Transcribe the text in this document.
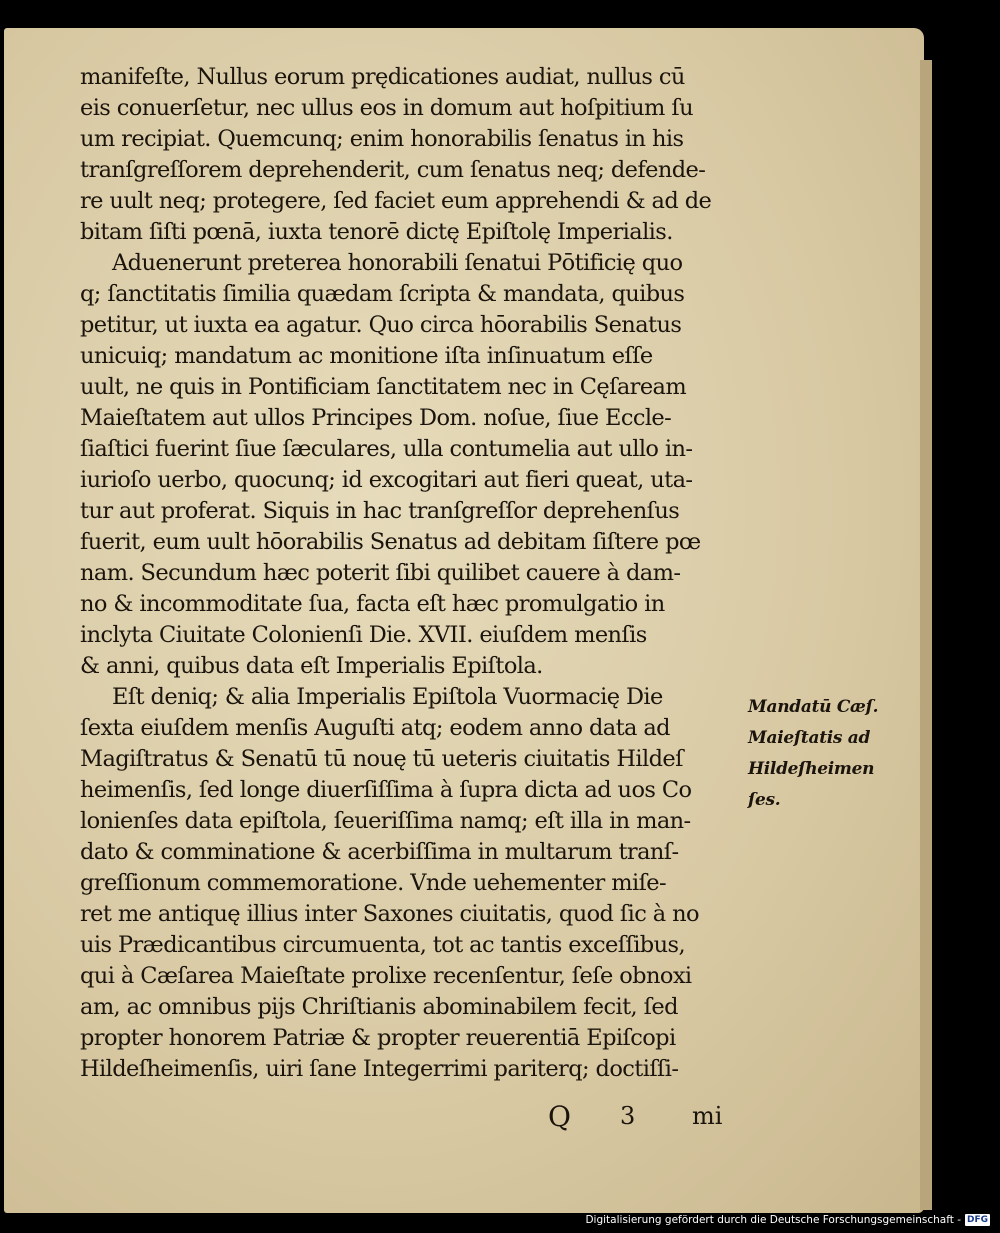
manifeſte, Nullus eorum prędicationes audiat, nullus cū
eis conuerſetur, nec ullus eos in domum aut hoſpitium ſu
um recipiat. Quemcunq; enim honorabilis ſenatus in his
tranſgreſſorem deprehenderit, cum ſenatus neq; defende-
re uult neq; protegere, ſed faciet eum apprehendi & ad de
bitam ſiſti pœnā, iuxta tenorē dictę Epiſtolę Imperialis.
Aduenerunt preterea honorabili ſenatui Pōtificię quo
q; ſanctitatis ſimilia quædam ſcripta & mandata, quibus
petitur, ut iuxta ea agatur. Quo circa hōorabilis Senatus
unicuiq; mandatum ac monitione iſta inſinuatum eſſe
uult, ne quis in Pontificiam ſanctitatem nec in Cęſaream
Maieſtatem aut ullos Principes Dom. noſue, ſiue Eccle-
ſiaſtici fuerint ſiue ſæculares, ulla contumelia aut ullo in-
iurioſo uerbo, quocunq; id excogitari aut fieri queat, uta-
tur aut proferat. Siquis in hac tranſgreſſor deprehenſus
fuerit, eum uult hōorabilis Senatus ad debitam ſiſtere pœ
nam. Secundum hæc poterit ſibi quilibet cauere à dam-
no & incommoditate ſua, facta eſt hæc promulgatio in
inclyta Ciuitate Colonienſi Die. XVII. eiuſdem menſis
& anni, quibus data eſt Imperialis Epiſtola.
Eſt deniq; & alia Imperialis Epiſtola Vuormacię Die
ſexta eiuſdem menſis Auguſti atq; eodem anno data ad
Magiſtratus & Senatū tū nouę tū ueteris ciuitatis Hildeſ
heimenſis, ſed longe diuerſiſſima à ſupra dicta ad uos Co
lonienſes data epiſtola, ſeueriſſima namq; eſt illa in man-
dato & comminatione & acerbiſſima in multarum tranſ-
greſſionum commemoratione. Vnde uehementer miſe-
ret me antiquę illius inter Saxones ciuitatis, quod ſic à no
uis Prædicantibus circumuenta, tot ac tantis exceſſibus,
qui à Cæſarea Maieſtate prolixe recenſentur, ſeſe obnoxi
am, ac omnibus pijs Chriſtianis abominabilem fecit, ſed
propter honorem Patriæ & propter reuerentiā Epiſcopi
Hildeſheimenſis, uiri ſane Integerrimi pariterq; doctiſſi-
Mandatū Cæſ.
Maieſtatis ad
Hildeſheimen
ſes.
Q 3 mi
Digitalisierung gefördert durch die Deutsche Forschungsgemeinschaft - DFG
